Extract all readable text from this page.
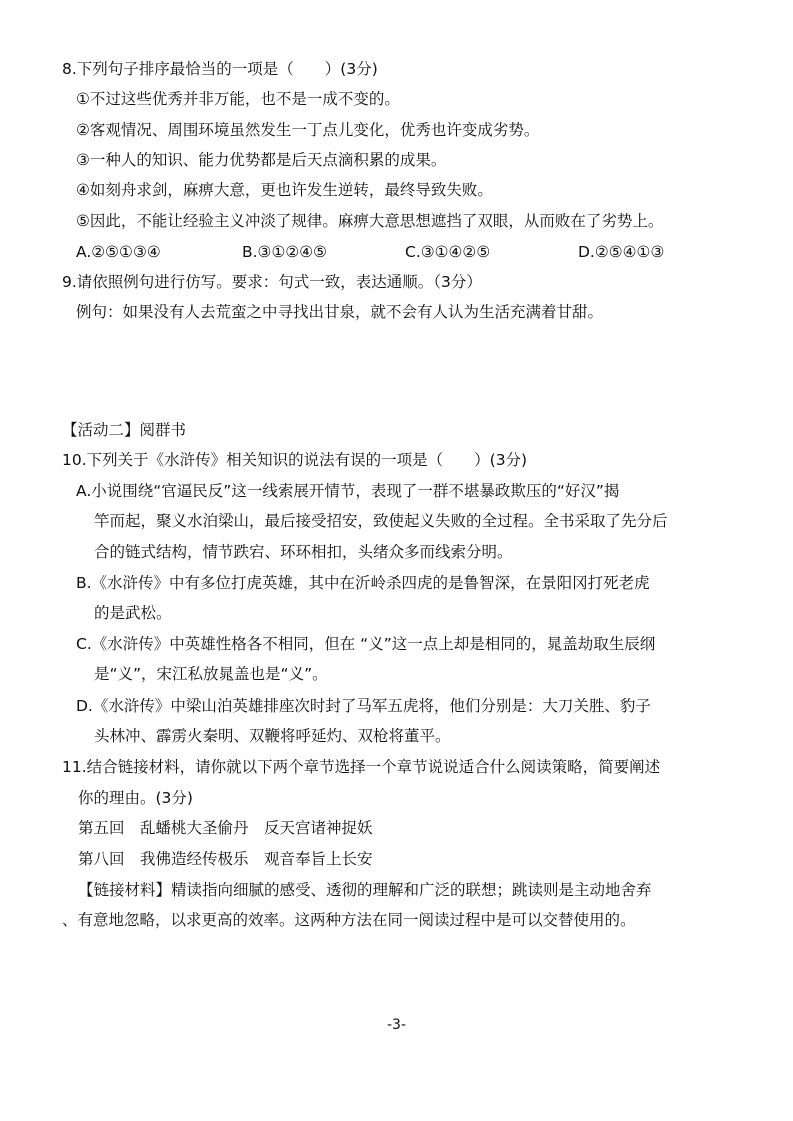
8.下列句子排序最恰当的一项是（　　）(3分)
①不过这些优秀并非万能，也不是一成不变的。
②客观情况、周围环境虽然发生一丁点儿变化，优秀也许变成劣势。
③一种人的知识、能力优势都是后天点滴积累的成果。
④如刻舟求剑，麻痹大意，更也许发生逆转，最终导致失败。
⑤因此，不能让经验主义冲淡了规律。麻痹大意思想遮挡了双眼，从而败在了劣势上。
A.②⑤①③④	B.③①②④⑤	C.③①④②⑤	D.②⑤④①③
9.请依照例句进行仿写。要求：句式一致，表达通顺。（3分）
例句：如果没有人去荒蛮之中寻找出甘泉，就不会有人认为生活充满着甘甜。
【活动二】阅群书
10.下列关于《水浒传》相关知识的说法有误的一项是（　　）(3分)
A.小说围绕“官逼民反”这一线索展开情节，表现了一群不堪暴政欺压的“好汉”揭
竿而起，聚义水泊梁山，最后接受招安，致使起义失败的全过程。全书采取了先分后
合的链式结构，情节跌宕、环环相扣，头绪众多而线索分明。
B.《水浒传》中有多位打虎英雄，其中在沂岭杀四虎的是鲁智深，在景阳冈打死老虎
的是武松。
C.《水浒传》中英雄性格各不相同，但在 “义”这一点上却是相同的，晁盖劫取生辰纲
是“义”，宋江私放晁盖也是“义”。
D.《水浒传》中梁山泊英雄排座次时封了马军五虎将，他们分别是：大刀关胜、豹子
头林冲、霹雳火秦明、双鞭将呼延灼、双枪将董平。
11.结合链接材料，请你就以下两个章节选择一个章节说说适合什么阅读策略，简要阐述
你的理由。(3分)
第五回　乱蟠桃大圣偷丹　反天宫诸神捉妖
第八回　我佛造经传极乐　观音奉旨上长安
【链接材料】精读指向细腻的感受、透彻的理解和广泛的联想；跳读则是主动地舍弃
、有意地忽略，以求更高的效率。这两种方法在同一阅读过程中是可以交替使用的。
-3-
